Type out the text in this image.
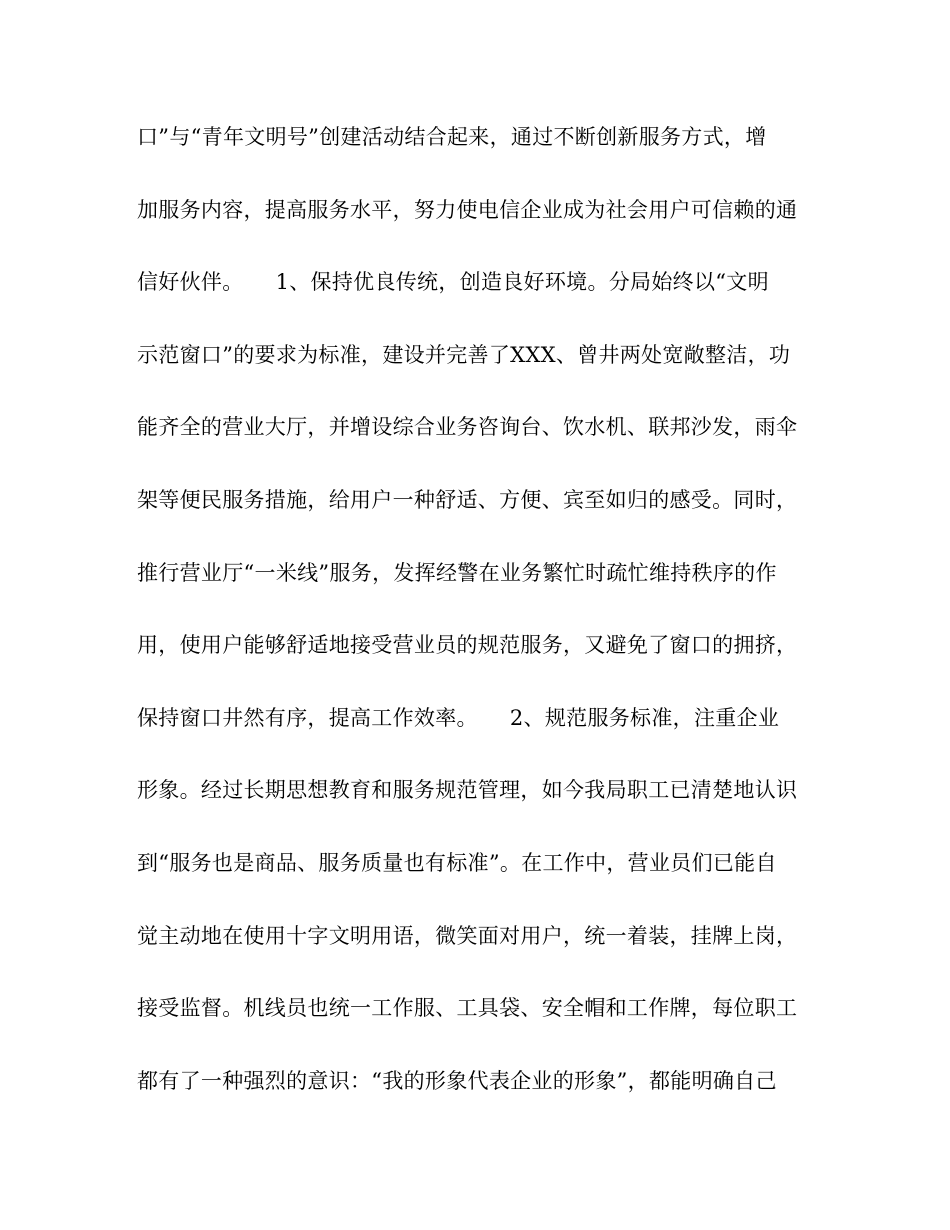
口”与“青年文明号”创建活动结合起来，通过不断创新服务方式，增
加服务内容，提高服务水平，努力使电信企业成为社会用户可信赖的通
信好伙伴。　　1、保持优良传统，创造良好环境。分局始终以“文明
示范窗口”的要求为标准，建设并完善了XXX、曾井两处宽敞整洁，功
能齐全的营业大厅，并增设综合业务咨询台、饮水机、联邦沙发，雨伞
架等便民服务措施，给用户一种舒适、方便、宾至如归的感受。同时，
推行营业厅“一米线”服务，发挥经警在业务繁忙时疏忙维持秩序的作
用，使用户能够舒适地接受营业员的规范服务，又避免了窗口的拥挤，
保持窗口井然有序，提高工作效率。　　2、规范服务标准，注重企业
形象。经过长期思想教育和服务规范管理，如今我局职工已清楚地认识
到“服务也是商品、服务质量也有标准”。在工作中，营业员们已能自
觉主动地在使用十字文明用语，微笑面对用户，统一着装，挂牌上岗，
接受监督。机线员也统一工作服、工具袋、安全帽和工作牌，每位职工
都有了一种强烈的意识：“我的形象代表企业的形象”，都能明确自己
